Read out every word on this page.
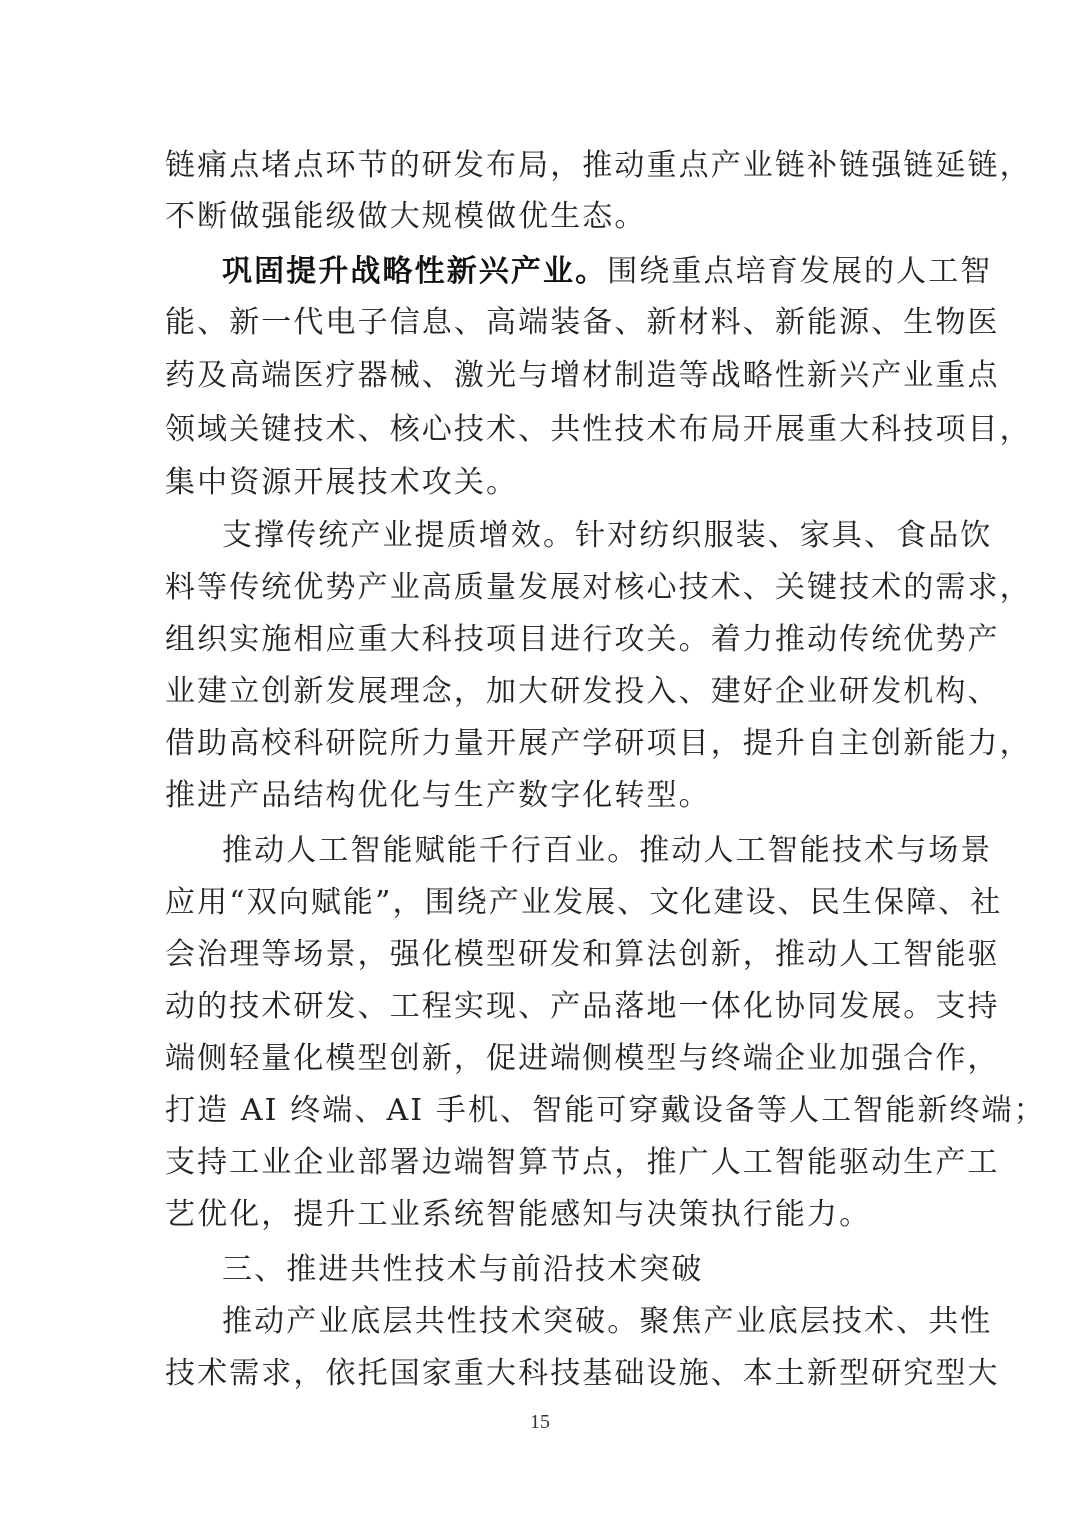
链痛点堵点环节的研发布局，推动重点产业链补链强链延链，

不断做强能级做大规模做优生态。

巩固提升战略性新兴产业。围绕重点培育发展的人工智

能、新一代电子信息、高端装备、新材料、新能源、生物医

药及高端医疗器械、激光与增材制造等战略性新兴产业重点

领域关键技术、核心技术、共性技术布局开展重大科技项目，

集中资源开展技术攻关。

支撑传统产业提质增效。针对纺织服装、家具、食品饮

料等传统优势产业高质量发展对核心技术、关键技术的需求，

组织实施相应重大科技项目进行攻关。着力推动传统优势产

业建立创新发展理念，加大研发投入、建好企业研发机构、

借助高校科研院所力量开展产学研项目，提升自主创新能力，

推进产品结构优化与生产数字化转型。

推动人工智能赋能千行百业。推动人工智能技术与场景

应用“双向赋能”，围绕产业发展、文化建设、民生保障、社

会治理等场景，强化模型研发和算法创新，推动人工智能驱

动的技术研发、工程实现、产品落地一体化协同发展。支持

端侧轻量化模型创新，促进端侧模型与终端企业加强合作，

打造 AI 终端、AI 手机、智能可穿戴设备等人工智能新终端；

支持工业企业部署边端智算节点，推广人工智能驱动生产工

艺优化，提升工业系统智能感知与决策执行能力。

三、推进共性技术与前沿技术突破

推动产业底层共性技术突破。聚焦产业底层技术、共性

技术需求，依托国家重大科技基础设施、本土新型研究型大

15
